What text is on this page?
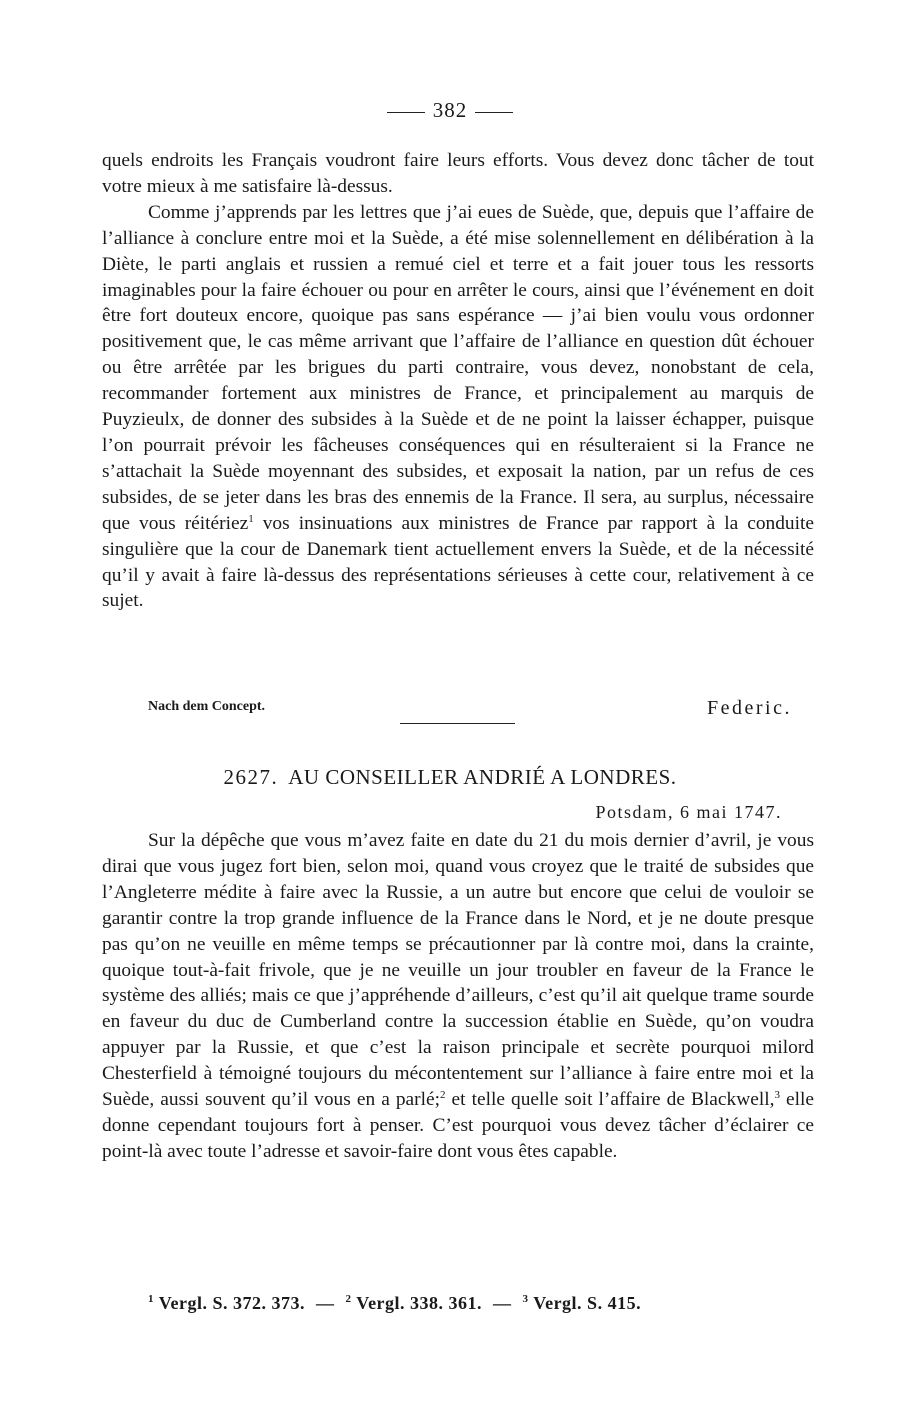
382

quels endroits les Français voudront faire leurs efforts. Vous devez donc tâcher de tout votre mieux à me satisfaire là-dessus.

Comme j’apprends par les lettres que j’ai eues de Suède, que, depuis que l’affaire de l’alliance à conclure entre moi et la Suède, a été mise solennellement en délibération à la Diète, le parti anglais et russien a remué ciel et terre et a fait jouer tous les ressorts imaginables pour la faire échouer ou pour en arrêter le cours, ainsi que l’événement en doit être fort douteux encore, quoique pas sans espérance — j’ai bien voulu vous ordonner positivement que, le cas même arrivant que l’affaire de l’alliance en question dût échouer ou être arrêtée par les brigues du parti contraire, vous devez, nonobstant de cela, recommander fortement aux ministres de France, et principalement au marquis de Puyzieulx, de donner des subsides à la Suède et de ne point la laisser échapper, puisque l’on pourrait prévoir les fâcheuses conséquences qui en résulteraient si la France ne s’attachait la Suède moyennant des subsides, et exposait la nation, par un refus de ces subsides, de se jeter dans les bras des ennemis de la France. Il sera, au surplus, nécessaire que vous réitériez$^1$ vos insinuations aux ministres de France par rapport à la conduite singulière que la cour de Danemark tient actuellement envers la Suède, et de la nécessité qu’il y avait à faire là-dessus des représentations sérieuses à cette cour, relativement à ce sujet.

Nach dem Concept.	Federic.
2627. AU CONSEILLER ANDRIÉ A LONDRES.
Potsdam, 6 mai 1747.

Sur la dépêche que vous m’avez faite en date du 21 du mois dernier d’avril, je vous dirai que vous jugez fort bien, selon moi, quand vous croyez que le traité de subsides que l’Angleterre médite à faire avec la Russie, a un autre but encore que celui de vouloir se garantir contre la trop grande influence de la France dans le Nord, et je ne doute presque pas qu’on ne veuille en même temps se précautionner par là contre moi, dans la crainte, quoique tout-à-fait frivole, que je ne veuille un jour troubler en faveur de la France le système des alliés; mais ce que j’appréhende d’ailleurs, c’est qu’il ait quelque trame sourde en faveur du duc de Cumberland contre la succession établie en Suède, qu’on voudra appuyer par la Russie, et que c’est la raison principale et secrète pourquoi milord Chesterfield à témoigné toujours du mécontentement sur l’alliance à faire entre moi et la Suède, aussi souvent qu’il vous en a parlé;$^2$ et telle quelle soit l’affaire de Blackwell,$^3$ elle donne cependant toujours fort à penser. C’est pourquoi vous devez tâcher d’éclairer ce point-là avec toute l’adresse et savoir-faire dont vous êtes capable.

$^1$ Vergl. S. 372. 373. — $^2$ Vergl. 338. 361. — $^3$ Vergl. S. 415.
